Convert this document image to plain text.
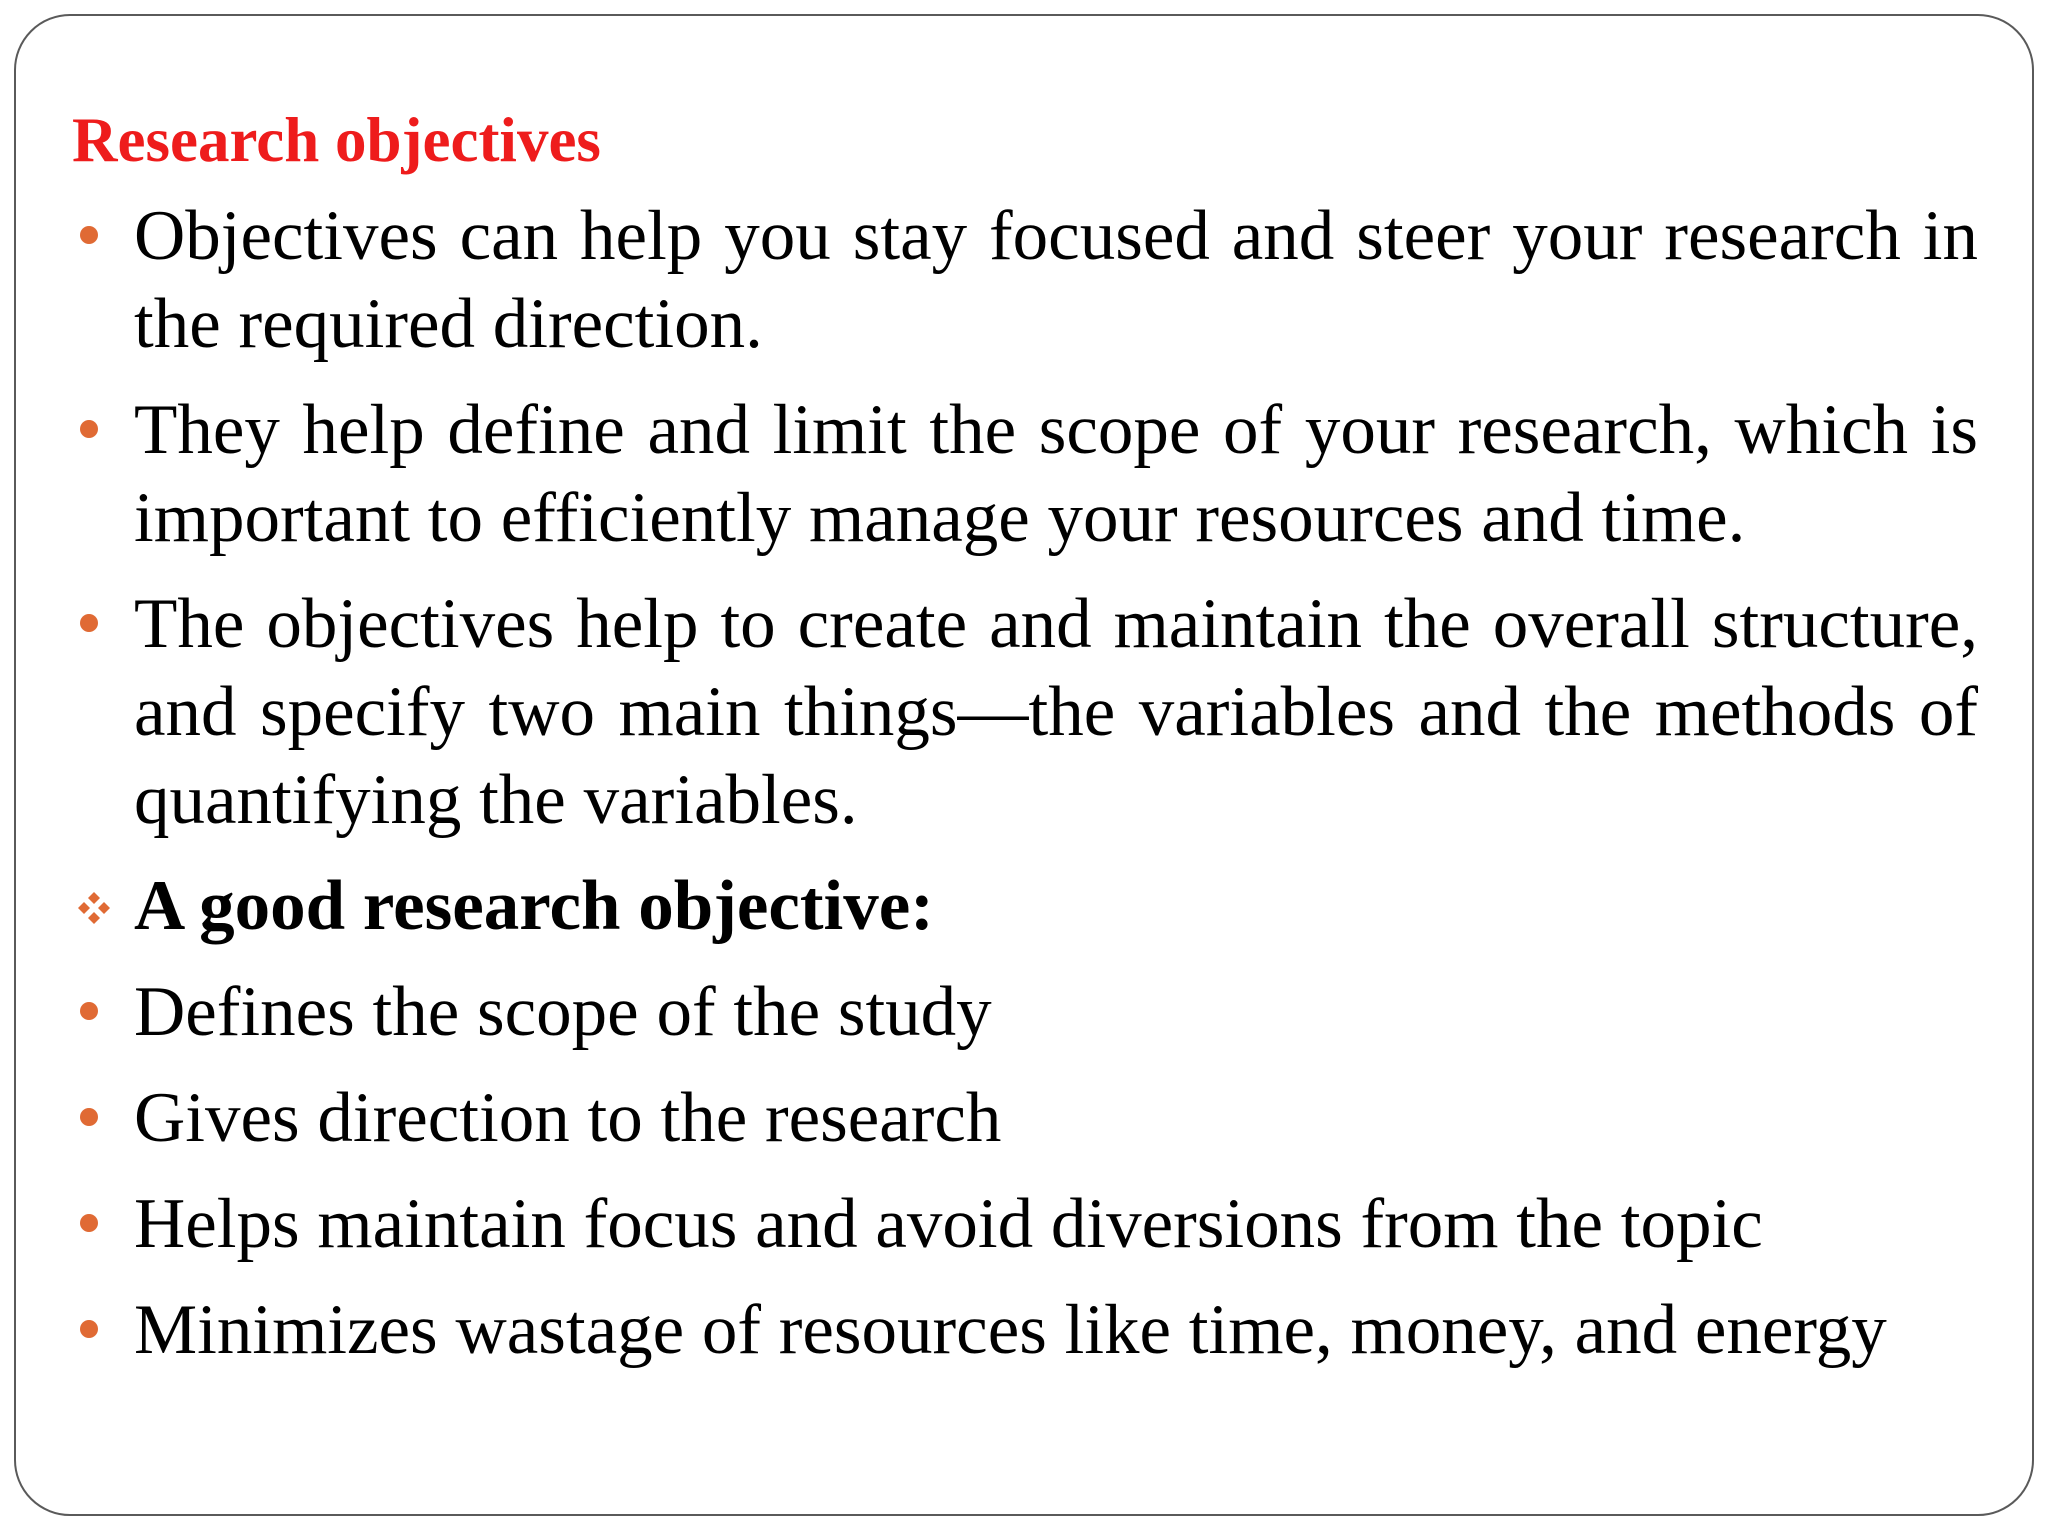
Research objectives
Objectives can help you stay focused and steer your research in the required direction.
They help define and limit the scope of your research, which is important to efficiently manage your resources and time.
The objectives help to create and maintain the overall structure, and specify two main things—the variables and the methods of quantifying the variables.
A good research objective:
Defines the scope of the study
Gives direction to the research
Helps maintain focus and avoid diversions from the topic
Minimizes wastage of resources like time, money, and energy
